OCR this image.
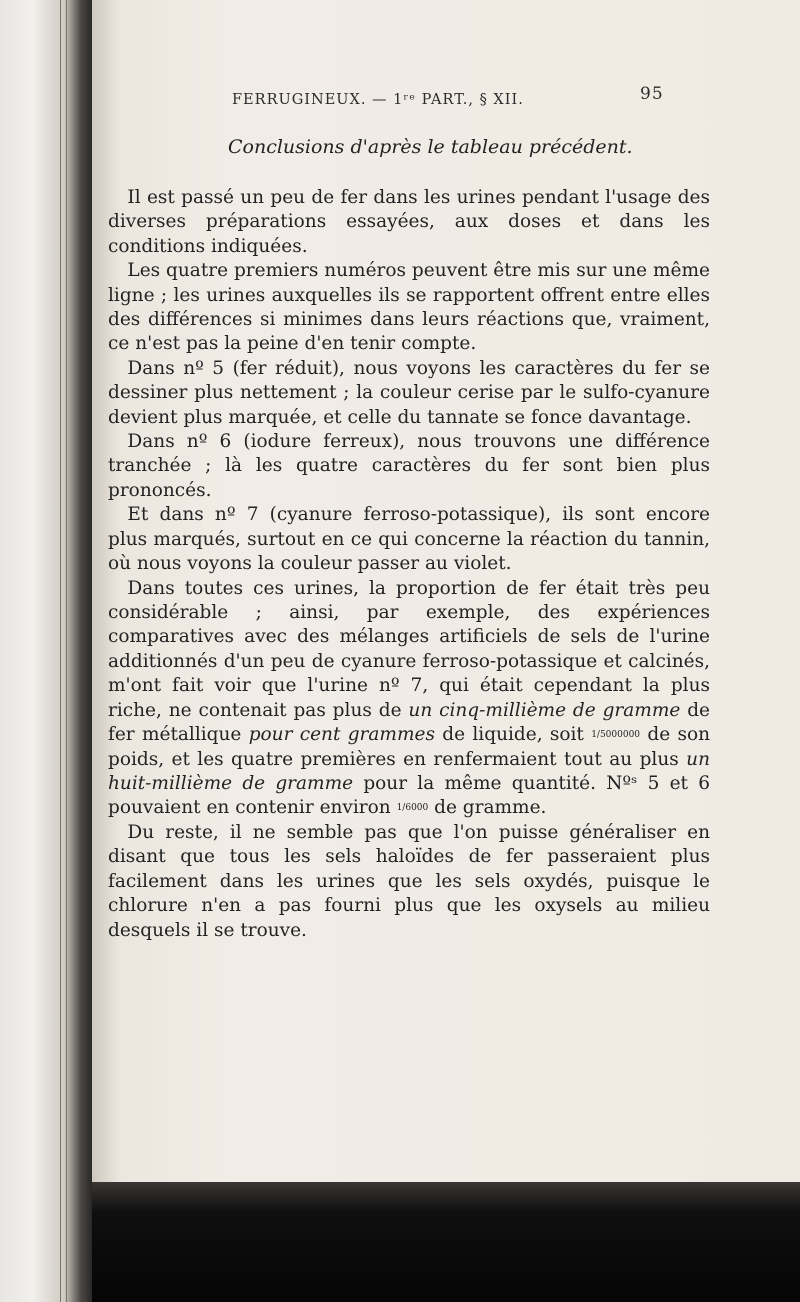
FERRUGINEUX. — 1ʳᵉ PART., § XII.	95
Conclusions d'après le tableau précédent.

Il est passé un peu de fer dans les urines pendant l'usage des diverses préparations essayées, aux doses et dans les conditions indiquées.

Les quatre premiers numéros peuvent être mis sur une même ligne ; les urines auxquelles ils se rapportent offrent entre elles des différences si minimes dans leurs réactions que, vraiment, ce n'est pas la peine d'en tenir compte.

Dans nº 5 (fer réduit), nous voyons les caractères du fer se dessiner plus nettement ; la couleur cerise par le sulfo-cyanure devient plus marquée, et celle du tannate se fonce davantage.

Dans nº 6 (iodure ferreux), nous trouvons une différence tranchée ; là les quatre caractères du fer sont bien plus prononcés.

Et dans nº 7 (cyanure ferroso-potassique), ils sont encore plus marqués, surtout en ce qui concerne la réaction du tannin, où nous voyons la couleur passer au violet.

Dans toutes ces urines, la proportion de fer était très peu considérable ; ainsi, par exemple, des expériences comparatives avec des mélanges artificiels de sels de l'urine additionnés d'un peu de cyanure ferroso-potassique et calcinés, m'ont fait voir que l'urine nº 7, qui était cependant la plus riche, ne contenait pas plus de un cinq-millième de gramme de fer métallique pour cent grammes de liquide, soit 1/5000000 de son poids, et les quatre premières en renfermaient tout au plus un huit-millième de gramme pour la même quantité. Nºˢ 5 et 6 pouvaient en contenir environ 1/6000 de gramme.

Du reste, il ne semble pas que l'on puisse généraliser en disant que tous les sels haloïdes de fer passeraient plus facilement dans les urines que les sels oxydés, puisque le chlorure n'en a pas fourni plus que les oxysels au milieu desquels il se trouve.
